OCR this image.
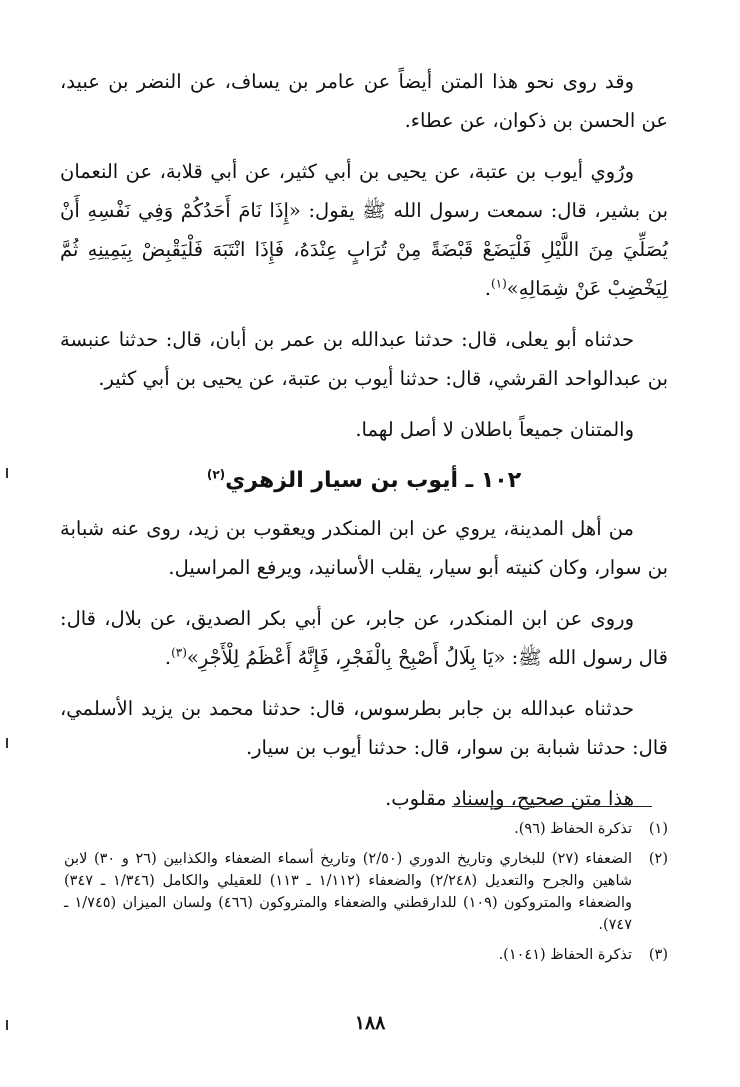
وقد روى نحو هذا المتن أيضاً عن عامر بن يساف، عن النضر بن عبيد، عن الحسن بن ذكوان، عن عطاء.

ورُوي أيوب بن عتبة، عن يحيى بن أبي كثير، عن أبي قلابة، عن النعمان بن بشير، قال: سمعت رسول الله ﷺ يقول: «إِذَا نَامَ أَحَدُكُمْ وَفِي نَفْسِهِ أَنْ يُصَلِّيَ مِنَ اللَّيْلِ فَلْيَضَعْ قَبْضَةً مِنْ تُرَابٍ عِنْدَهُ، فَإِذَا انْتَبَهَ فَلْيَقْبِضْ بِيَمِينِهِ ثُمَّ لِيَخْضِبْ عَنْ شِمَالِهِ»$^{(١)}$.

حدثناه أبو يعلى، قال: حدثنا عبدالله بن عمر بن أبان، قال: حدثنا عنبسة بن عبدالواحد القرشي، قال: حدثنا أيوب بن عتبة، عن يحيى بن أبي كثير.

والمتنان جميعاً باطلان لا أصل لهما.

١٠٢ ـ أيوب بن سيار الزهري$^{(٢)}$

من أهل المدينة، يروي عن ابن المنكدر ويعقوب بن زيد، روى عنه شبابة بن سوار، وكان كنيته أبو سيار، يقلب الأسانيد، ويرفع المراسيل.

وروى عن ابن المنكدر، عن جابر، عن أبي بكر الصديق، عن بلال، قال: قال رسول الله ﷺ: «يَا بِلَالُ أَصْبِحْ بِالْفَجْرِ، فَإِنَّهُ أَعْظَمُ لِلْأَجْرِ»$^{(٣)}$.

حدثناه عبدالله بن جابر بطرسوس، قال: حدثنا محمد بن يزيد الأسلمي، قال: حدثنا شبابة بن سوار، قال: حدثنا أيوب بن سيار.

هذا متن صحيح، وإسناد مقلوب.

(١)
تذكرة الحفاظ (٩٦).
(٢)
الضعفاء (٢٧) للبخاري وتاريخ الدوري (٢/٥٠) وتاريخ أسماء الضعفاء والكذابين (٢٦ و ٣٠) لابن شاهين والجرح والتعديل (٢/٢٤٨) والضعفاء (١/١١٢ ـ ١١٣) للعقيلي والكامل (١/٣٤٦ ـ ٣٤٧) والضعفاء والمتروكون (١٠٩) للدارقطني والضعفاء والمتروكون (٤٦٦) ولسان الميزان (١/٧٤٥ ـ ٧٤٧).
(٣)
تذكرة الحفاظ (١٠٤١).
١٨٨
